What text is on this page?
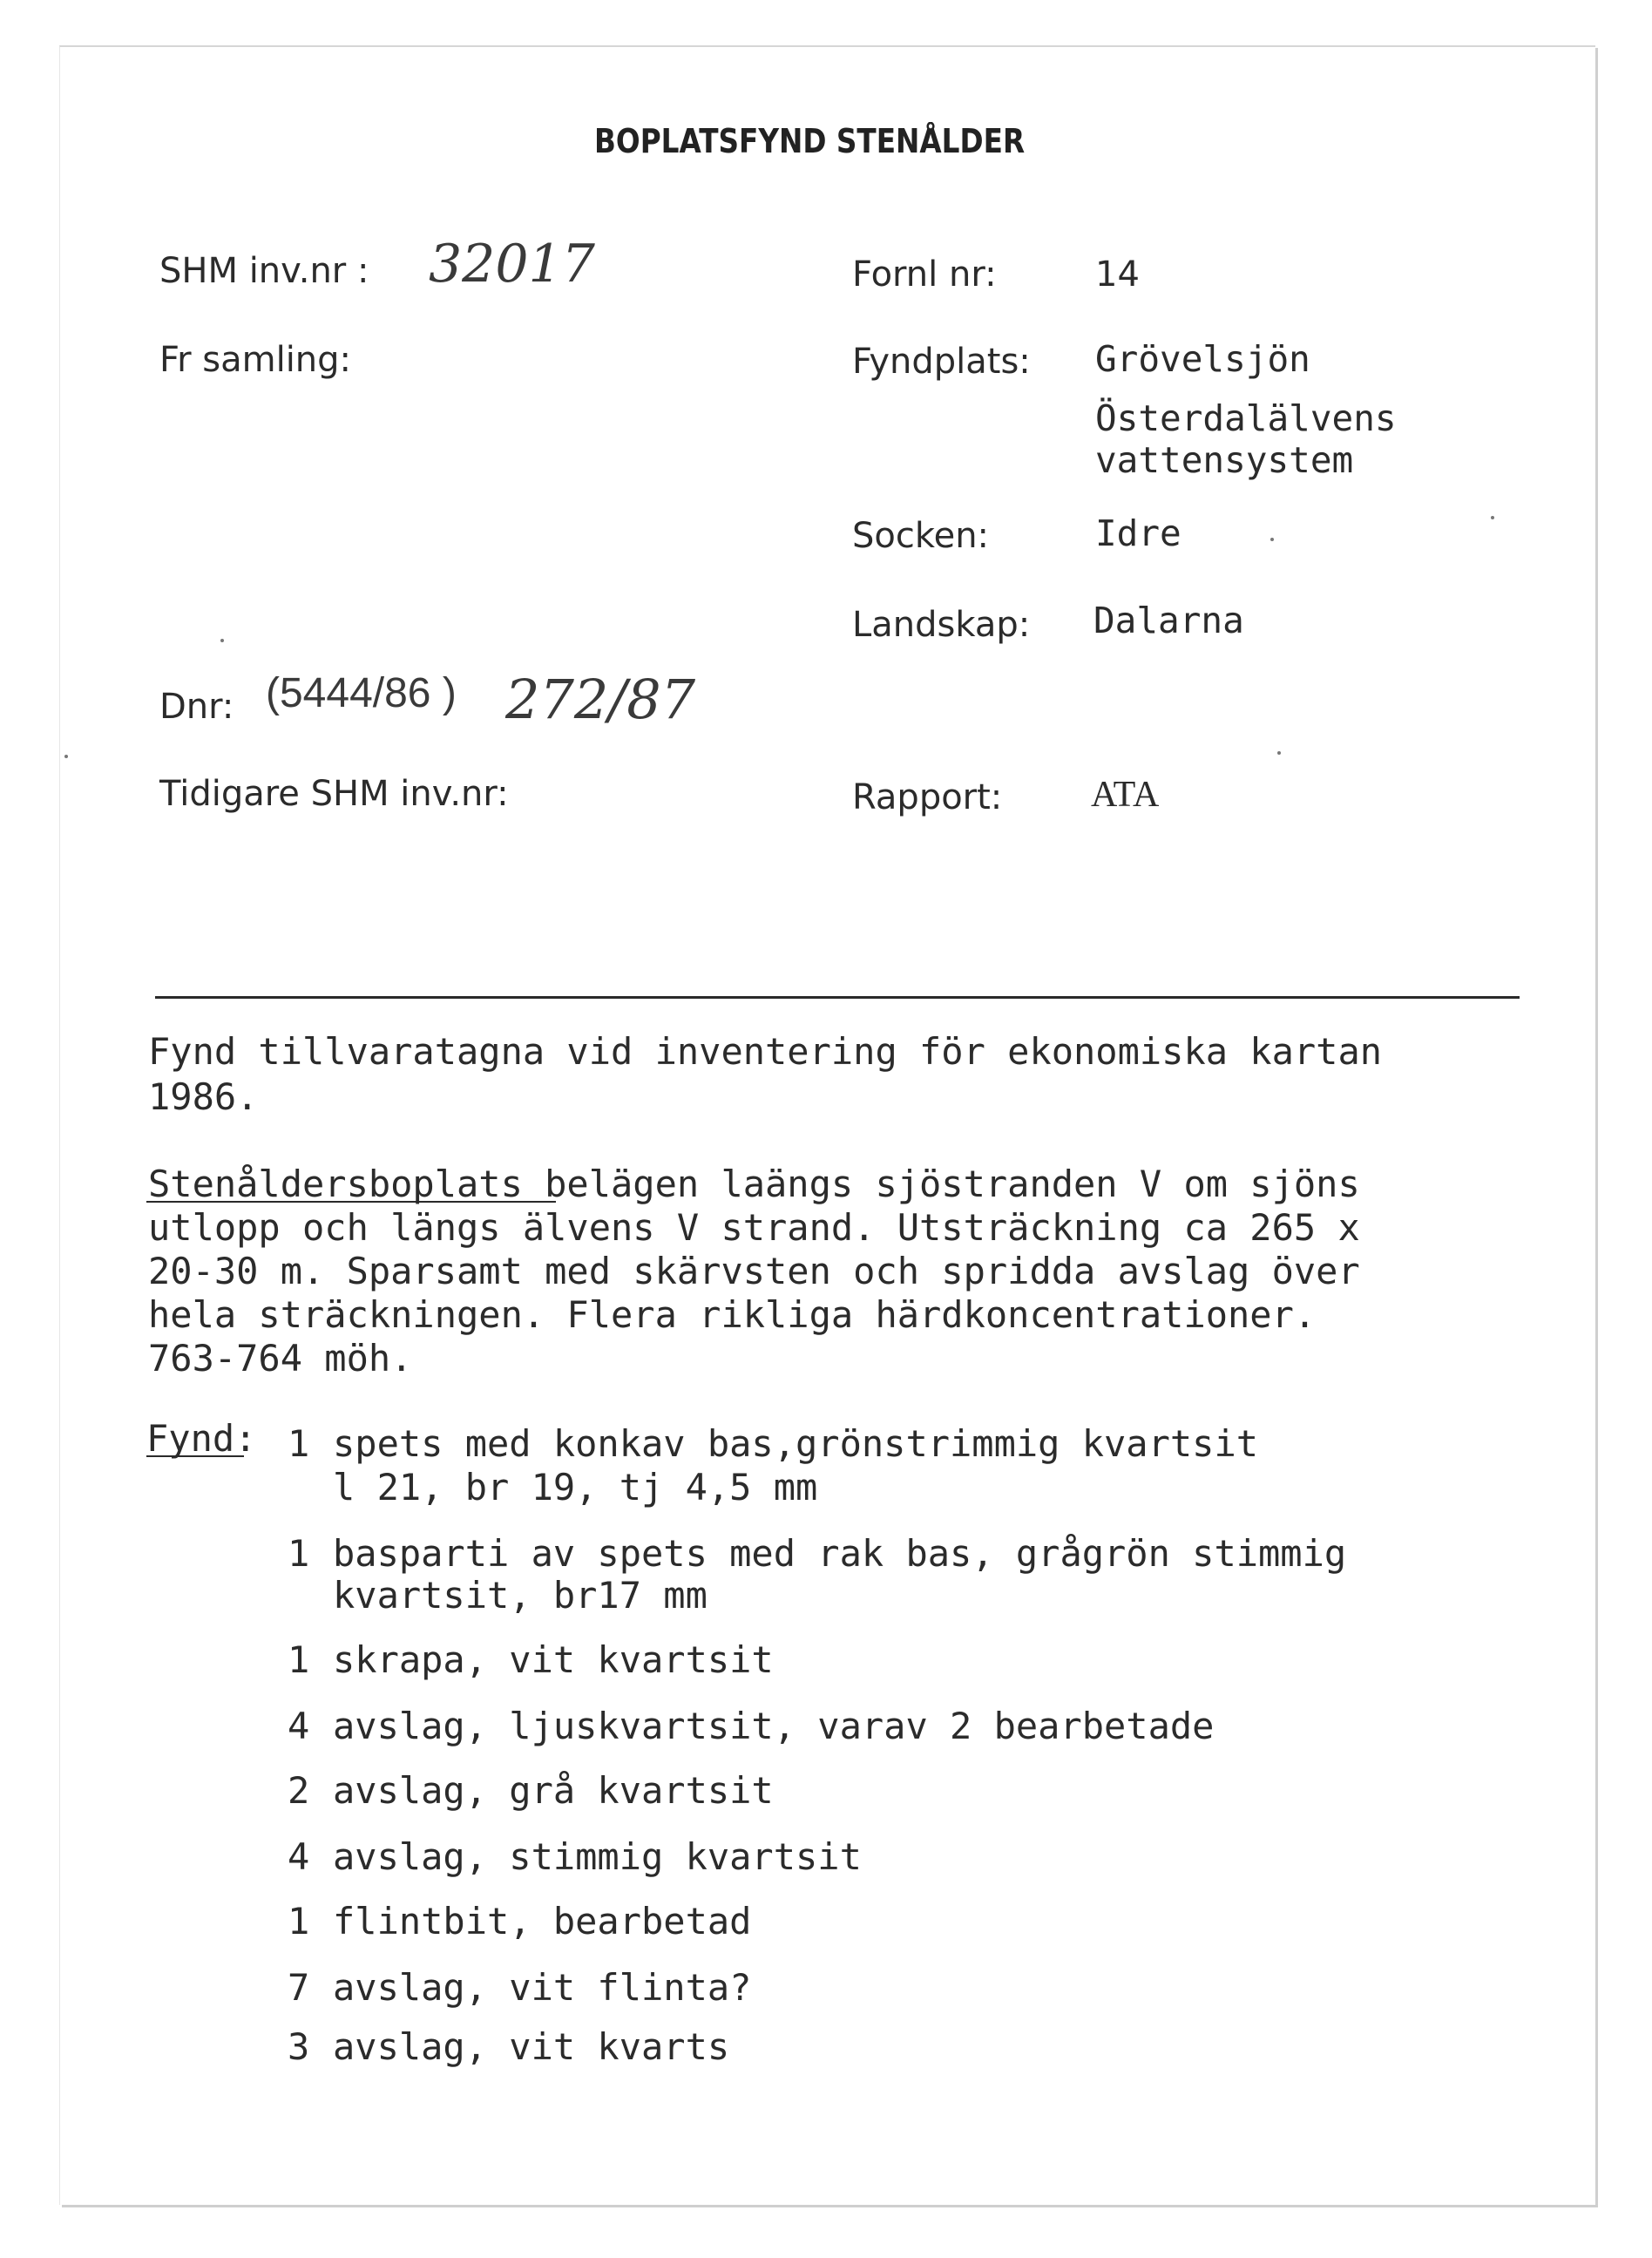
BOPLATSFYND STENÅLDER
SHM inv.nr : 32017
Fr samling:
Dnr: (5444/86 ) 272/87
Tidigare SHM inv.nr:
Fornl nr:	14
Fyndplats: Grövelsjön
Österdalälvens
vattensystem
Socken:	Idre
Landskap: Dalarna
Rapport: ATA
Fynd tillvaratagna vid inventering för ekonomiska kartan
1986.
Stenåldersboplats belägen laängs sjöstranden V om sjöns
utlopp och längs älvens V strand. Utsträckning ca 265 x
20-30 m. Sparsamt med skärvsten och spridda avslag över
hela sträckningen. Flera rikliga härdkoncentrationer.
763-764 möh.
Fynd: 1 spets med konkav bas,grönstrimmig kvartsit
l 21, br 19, tj 4,5 mm
1 basparti av spets med rak bas, grågrön stimmig
kvartsit, br17 mm
1 skrapa, vit kvartsit
4 avslag, ljuskvartsit, varav 2 bearbetade
2 avslag, grå kvartsit
4 avslag, stimmig kvartsit
1 flintbit, bearbetad
7 avslag, vit flinta?
3 avslag, vit kvarts
